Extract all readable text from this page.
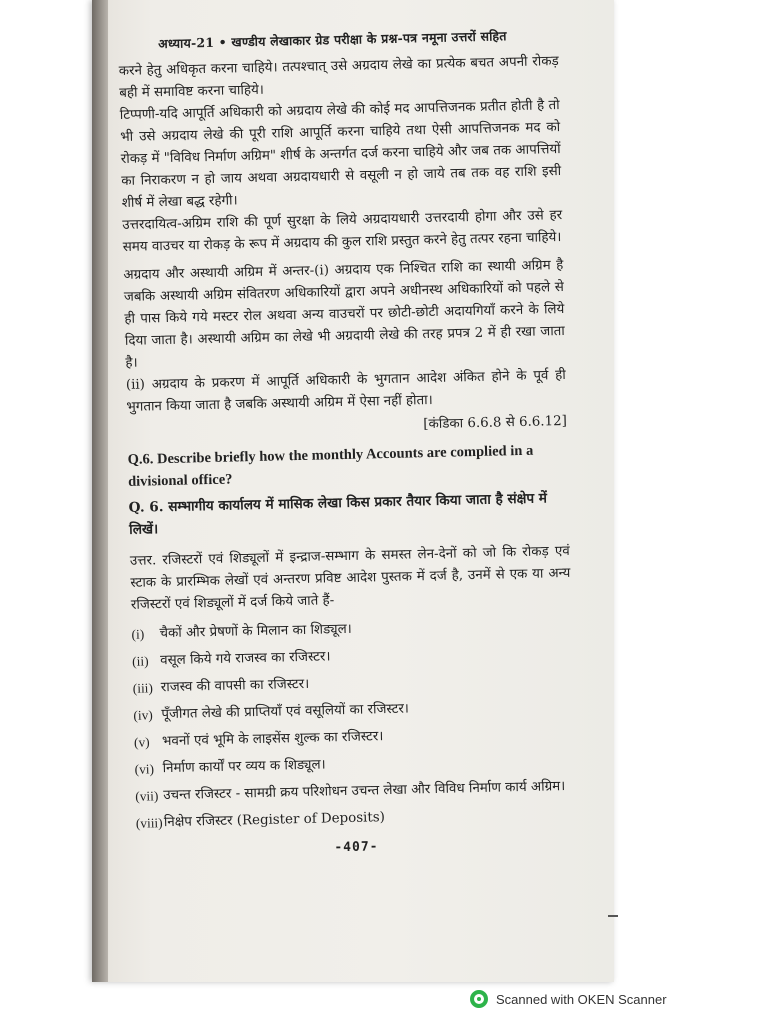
अध्याय-21 • खण्डीय लेखाकार ग्रेड परीक्षा के प्रश्न-पत्र नमूना उत्तरों सहित

करने हेतु अधिकृत करना चाहिये। तत्पश्चात् उसे अग्रदाय लेखे का प्रत्येक बचत अपनी रोकड़ बही में समाविष्ट करना चाहिये।

टिप्पणी-यदि आपूर्ति अधिकारी को अग्रदाय लेखे की कोई मद आपत्तिजनक प्रतीत होती है तो भी उसे अग्रदाय लेखे की पूरी राशि आपूर्ति करना चाहिये तथा ऐसी आपत्तिजनक मद को रोकड़ में "विविध निर्माण अग्रिम" शीर्ष के अन्तर्गत दर्ज करना चाहिये और जब तक आपत्तियों का निराकरण न हो जाय अथवा अग्रदायधारी से वसूली न हो जाये तब तक वह राशि इसी शीर्ष में लेखा बद्ध रहेगी।

उत्तरदायित्व-अग्रिम राशि की पूर्ण सुरक्षा के लिये अग्रदायधारी उत्तरदायी होगा और उसे हर समय वाउचर या रोकड़ के रूप में अग्रदाय की कुल राशि प्रस्तुत करने हेतु तत्पर रहना चाहिये।

अग्रदाय और अस्थायी अग्रिम में अन्तर-(i) अग्रदाय एक निश्चित राशि का स्थायी अग्रिम है जबकि अस्थायी अग्रिम संवितरण अधिकारियों द्वारा अपने अधीनस्थ अधिकारियों को पहले से ही पास किये गये मस्टर रोल अथवा अन्य वाउचरों पर छोटी-छोटी अदायगियाँ करने के लिये दिया जाता है। अस्थायी अग्रिम का लेखे भी अग्रदायी लेखे की तरह प्रपत्र 2 में ही रखा जाता है।

(ii) अग्रदाय के प्रकरण में आपूर्ति अधिकारी के भुगतान आदेश अंकित होने के पूर्व ही भुगतान किया जाता है जबकि अस्थायी अग्रिम में ऐसा नहीं होता।

[कंडिका 6.6.8 से 6.6.12]
Q.6. Describe briefly how the monthly Accounts are complied in a divisional office?
Q. 6. सम्भागीय कार्यालय में मासिक लेखा किस प्रकार तैयार किया जाता है संक्षेप में लिखें।

उत्तर. रजिस्टरों एवं शिड्यूलों में इन्द्राज-सम्भाग के समस्त लेन-देनों को जो कि रोकड़ एवं स्टाक के प्रारम्भिक लेखों एवं अन्तरण प्रविष्ट आदेश पुस्तक में दर्ज है, उनमें से एक या अन्य रजिस्टरों एवं शिड्यूलों में दर्ज किये जाते हैं-

(i)	चैकों और प्रेषणों के मिलान का शिड्यूल।
(ii) वसूल किये गये राजस्व का रजिस्टर।
(iii) राजस्व की वापसी का रजिस्टर।
(iv) पूँजीगत लेखे की प्राप्तियाँ एवं वसूलियों का रजिस्टर।
(v) भवनों एवं भूमि के लाइसेंस शुल्क का रजिस्टर।
(vi) निर्माण कार्यों पर व्यय क शिड्यूल।
(vii) उचन्त रजिस्टर - सामग्री क्रय परिशोधन उचन्त लेखा और विविध निर्माण कार्य अग्रिम।
(viii) निक्षेप रजिस्टर (Register of Deposits)
-407-
Scanned with OKEN Scanner
